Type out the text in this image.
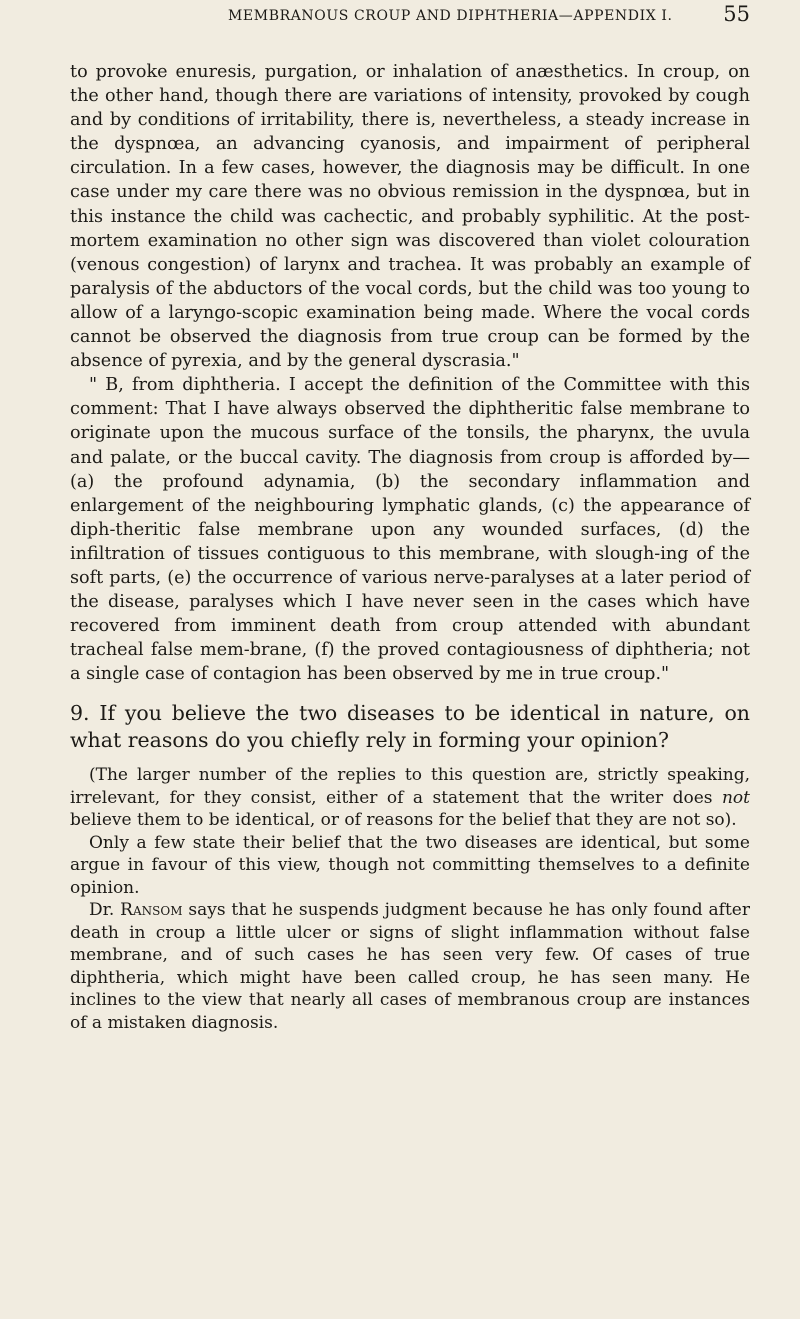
MEMBRANOUS CROUP AND DIPHTHERIA—APPENDIX I. 55

to provoke enuresis, purgation, or inhalation of anæsthetics. In croup, on the other hand, though there are variations of intensity, provoked by cough and by conditions of irritability, there is, nevertheless, a steady increase in the dyspnœa, an advancing cyanosis, and impairment of peripheral circulation. In a few cases, however, the diagnosis may be difficult. In one case under my care there was no obvious remission in the dyspnœa, but in this instance the child was cachectic, and probably syphilitic. At the post-mortem examination no other sign was discovered than violet colouration (venous congestion) of larynx and trachea. It was probably an example of paralysis of the abductors of the vocal cords, but the child was too young to allow of a laryngo-scopic examination being made. Where the vocal cords cannot be observed the diagnosis from true croup can be formed by the absence of pyrexia, and by the general dyscrasia."

" B, from diphtheria. I accept the definition of the Committee with this comment: That I have always observed the diphtheritic false membrane to originate upon the mucous surface of the tonsils, the pharynx, the uvula and palate, or the buccal cavity. The diagnosis from croup is afforded by—(a) the profound adynamia, (b) the secondary inflammation and enlargement of the neighbouring lymphatic glands, (c) the appearance of diph-theritic false membrane upon any wounded surfaces, (d) the infiltration of tissues contiguous to this membrane, with slough-ing of the soft parts, (e) the occurrence of various nerve-paralyses at a later period of the disease, paralyses which I have never seen in the cases which have recovered from imminent death from croup attended with abundant tracheal false mem-brane, (f) the proved contagiousness of diphtheria; not a single case of contagion has been observed by me in true croup."

9. If you believe the two diseases to be identical in nature, on what reasons do you chiefly rely in forming your opinion?

(The larger number of the replies to this question are, strictly speaking, irrelevant, for they consist, either of a statement that the writer does not believe them to be identical, or of reasons for the belief that they are not so).

Only a few state their belief that the two diseases are identical, but some argue in favour of this view, though not committing themselves to a definite opinion.

Dr. Ransom says that he suspends judgment because he has only found after death in croup a little ulcer or signs of slight inflammation without false membrane, and of such cases he has seen very few. Of cases of true diphtheria, which might have been called croup, he has seen many. He inclines to the view that nearly all cases of membranous croup are instances of a mistaken diagnosis.
